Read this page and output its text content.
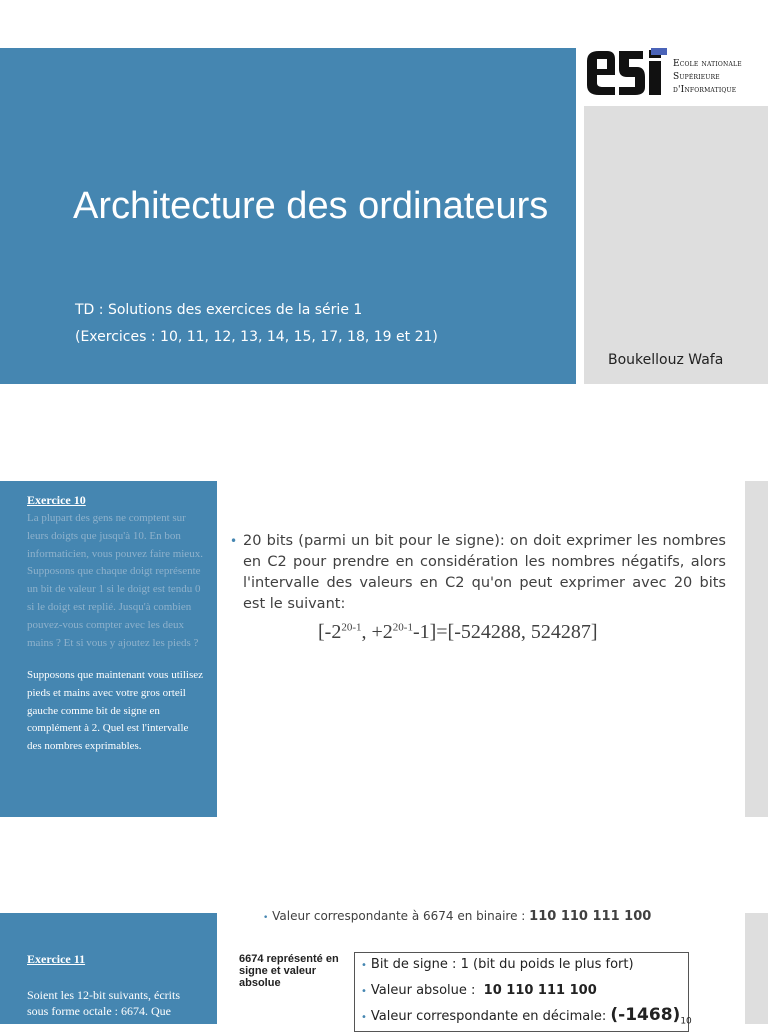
Architecture des ordinateurs
TD : Solutions des exercices de la série 1
(Exercices : 10, 11, 12, 13, 14, 15, 17, 18, 19 et 21)
Ecole nationale
Supérieure
d'Informatique
Boukellouz Wafa
Exercice 10
La plupart des gens ne comptent sur leurs doigts que jusqu'à 10. En bon informaticien, vous pouvez faire mieux. Supposons que chaque doigt représente un bit de valeur 1 si le doigt est tendu 0 si le doigt est replié. Jusqu'à combien pouvez-vous compter avec les deux mains ? Et si vous y ajoutez les pieds ?
Supposons que maintenant vous utilisez pieds et mains avec votre gros orteil gauche comme bit de signe en complément à 2. Quel est l'intervalle des nombres exprimables.
• 20 bits (parmi un bit pour le signe): on doit exprimer les nombres en C2 pour prendre en considération les nombres négatifs, alors l'intervalle des valeurs en C2 qu'on peut exprimer avec 20 bits est le suivant:
[$-2^{20-1}$, $+2^{20-1}-1]=[-524288$, 524287]
Exercice 11
Soient les 12-bit suivants, écrits sous forme octale : 6674. Que
• Valeur correspondante à 6674 en binaire : 110 110 111 100
6674 représenté en signe et valeur absolue
• Bit de signe : 1 (bit du poids le plus fort)
• Valeur absolue : 10 110 111 100
• Valeur correspondante en décimale: $(-1468)_{10}$
